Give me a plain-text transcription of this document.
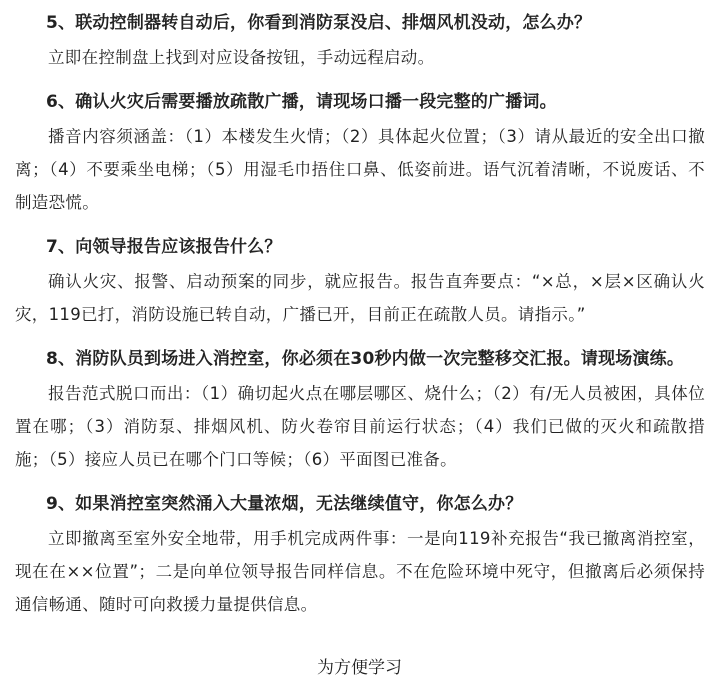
5、联动控制器转自动后，你看到消防泵没启、排烟风机没动，怎么办？

立即在控制盘上找到对应设备按钮，手动远程启动。

6、确认火灾后需要播放疏散广播，请现场口播一段完整的广播词。

播音内容须涵盖：（1）本楼发生火情；（2）具体起火位置；（3）请从最近的安全出口撤离；（4）不要乘坐电梯；（5）用湿毛巾捂住口鼻、低姿前进。语气沉着清晰，不说废话、不制造恐慌。

7、向领导报告应该报告什么？

确认火灾、报警、启动预案的同步，就应报告。报告直奔要点：“×总，×层×区确认火灾，119已打，消防设施已转自动，广播已开，目前正在疏散人员。请指示。”

8、消防队员到场进入消控室，你必须在30秒内做一次完整移交汇报。请现场演练。

报告范式脱口而出：（1）确切起火点在哪层哪区、烧什么；（2）有/无人员被困，具体位置在哪；（3）消防泵、排烟风机、防火卷帘目前运行状态；（4）我们已做的灭火和疏散措施；（5）接应人员已在哪个门口等候；（6）平面图已准备。

9、如果消控室突然涌入大量浓烟，无法继续值守，你怎么办？

立即撤离至室外安全地带，用手机完成两件事：一是向119补充报告“我已撤离消控室，现在在××位置”；二是向单位领导报告同样信息。不在危险环境中死守，但撤离后必须保持通信畅通、随时可向救援力量提供信息。

为方便学习
